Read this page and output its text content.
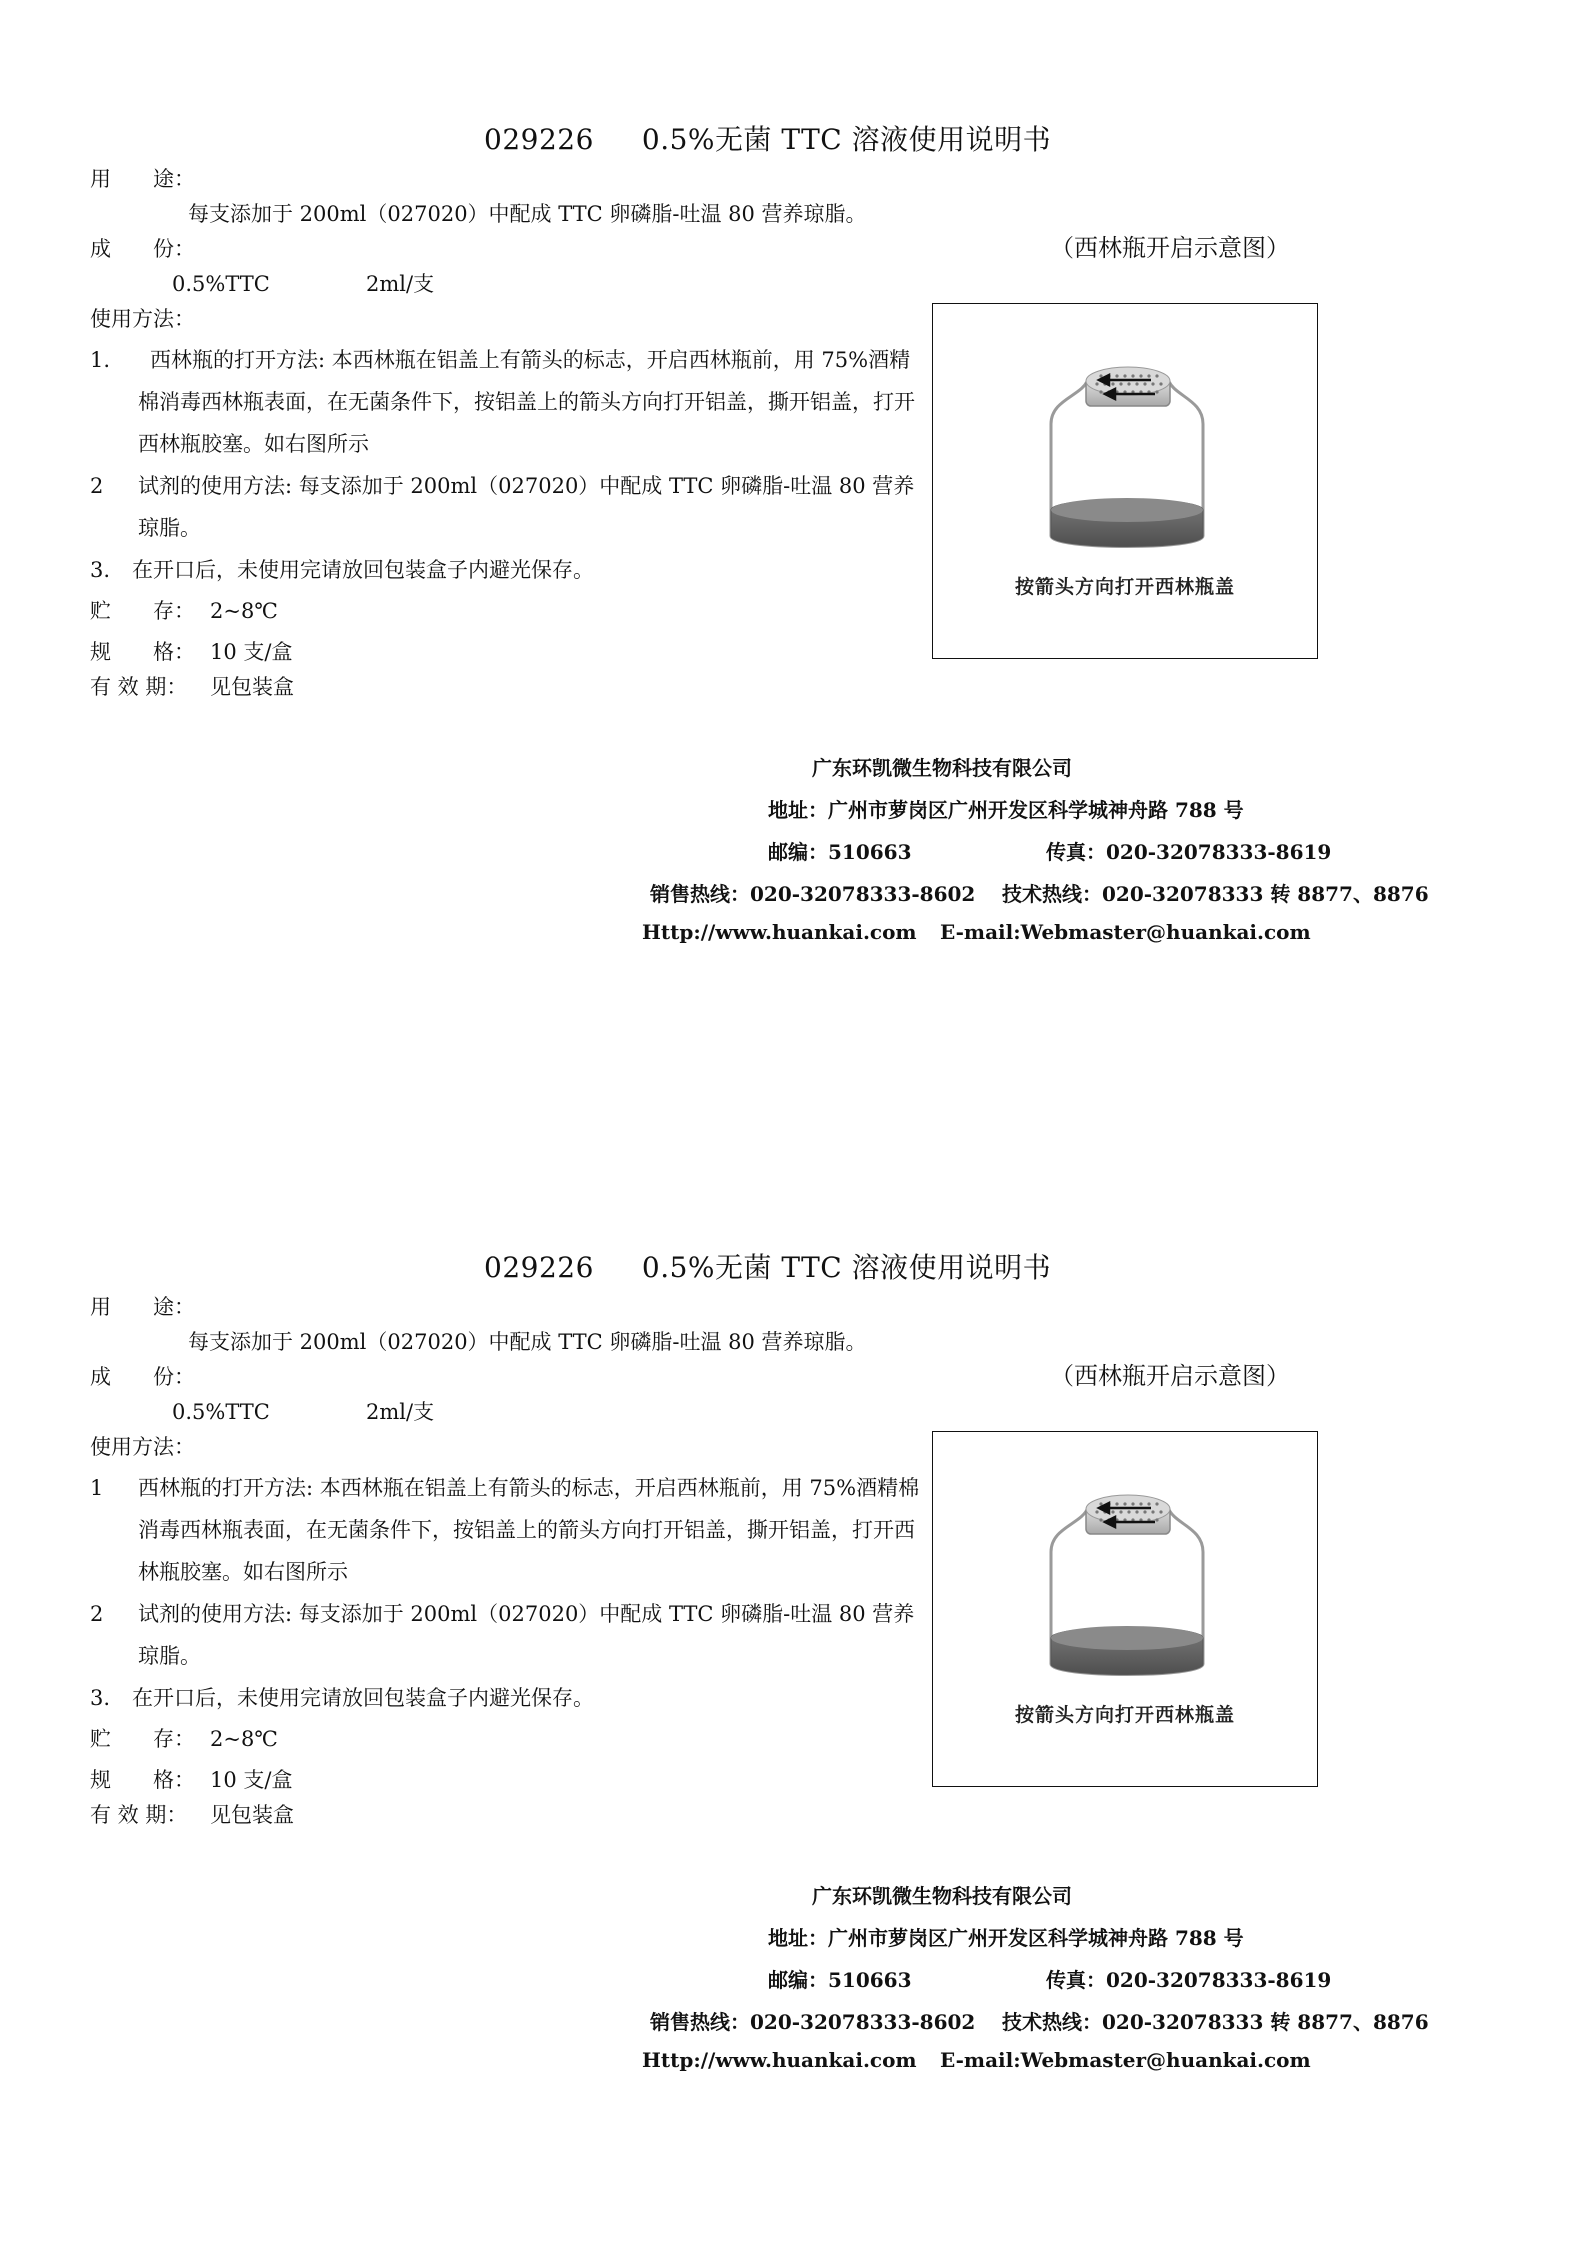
029226 0.5%无菌 TTC 溶液使用说明书
用　　途：
每支添加于 200ml（027020）中配成 TTC 卵磷脂-吐温 80 营养琼脂。
成　　份：
0.5%TTC	2ml/支
使用方法：
1.	西林瓶的打开方法: 本西林瓶在铝盖上有箭头的标志，开启西林瓶前，用 75%酒精棉消毒西林瓶表面，在无菌条件下，按铝盖上的箭头方向打开铝盖，撕开铝盖，打开西林瓶胶塞。如右图所示
2 试剂的使用方法: 每支添加于 200ml（027020）中配成 TTC 卵磷脂-吐温 80 营养琼脂。
3. 在开口后，未使用完请放回包装盒子内避光保存。
贮　　存： 2~8℃
规　　格： 10 支/盒
有 效 期： 见包装盒
（西林瓶开启示意图）
按箭头方向打开西林瓶盖
广东环凯微生物科技有限公司
地址：广州市萝岗区广州开发区科学城神舟路 788 号
邮编：510663	传真：020-32078333-8619
销售热线：020-32078333-8602 技术热线：020-32078333 转 8877、8876
Http://www.huankai.com E-mail:Webmaster@huankai.com
029226 0.5%无菌 TTC 溶液使用说明书
用　　途：
每支添加于 200ml（027020）中配成 TTC 卵磷脂-吐温 80 营养琼脂。
成　　份：
0.5%TTC	2ml/支
使用方法：
1 西林瓶的打开方法: 本西林瓶在铝盖上有箭头的标志，开启西林瓶前，用 75%酒精棉消毒西林瓶表面，在无菌条件下，按铝盖上的箭头方向打开铝盖，撕开铝盖，打开西林瓶胶塞。如右图所示
2 试剂的使用方法: 每支添加于 200ml（027020）中配成 TTC 卵磷脂-吐温 80 营养琼脂。
3. 在开口后，未使用完请放回包装盒子内避光保存。
贮　　存： 2~8℃
规　　格： 10 支/盒
有 效 期： 见包装盒
（西林瓶开启示意图）
按箭头方向打开西林瓶盖
广东环凯微生物科技有限公司
地址：广州市萝岗区广州开发区科学城神舟路 788 号
邮编：510663	传真：020-32078333-8619
销售热线：020-32078333-8602 技术热线：020-32078333 转 8877、8876
Http://www.huankai.com E-mail:Webmaster@huankai.com
